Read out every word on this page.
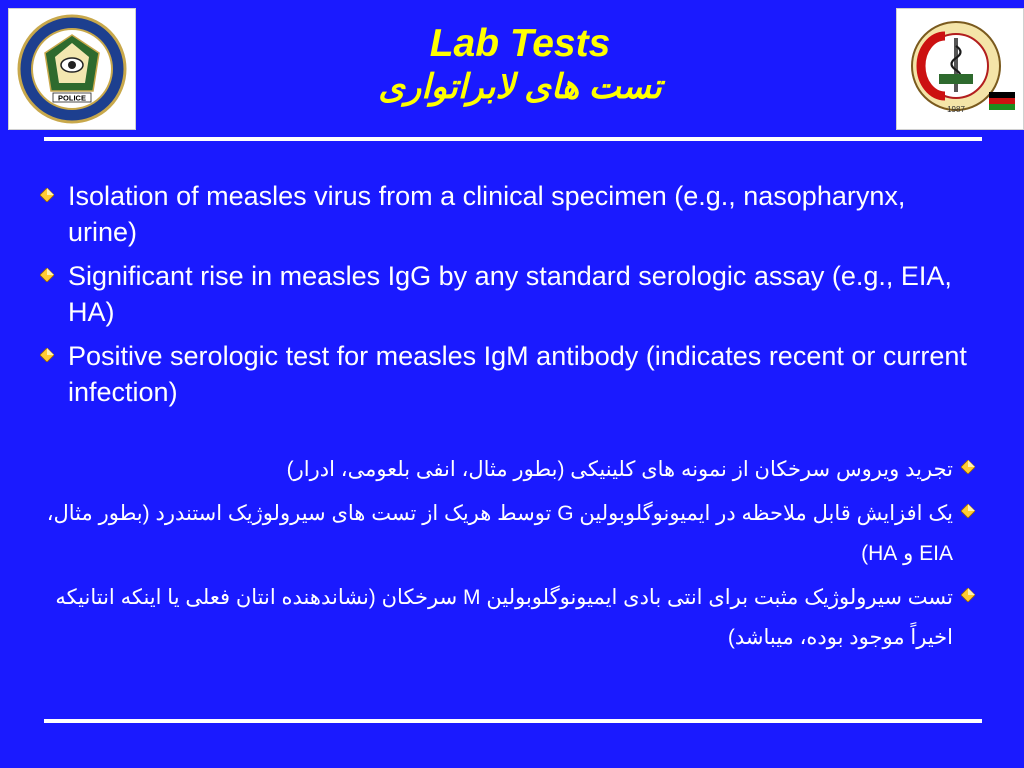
POLICE
1987
Lab Tests
تست های لابراتواری
Isolation of measles virus from a clinical specimen (e.g., nasopharynx, urine)
Significant rise in measles IgG by any standard serologic assay (e.g., EIA, HA)
Positive serologic test for measles IgM antibody (indicates recent or current infection)
تجرید ویروس سرخکان از نمونه های کلینیکی (بطور مثال، انفی بلعومی، ادرار)
یک افزایش قابل ملاحظه در ایمیونوگلوبولین G توسط هریک از تست های سیرولوژیک استندرد (بطور مثال، EIA و HA)
تست سیرولوژیک مثبت برای انتی بادی ایمیونوگلوبولین M سرخکان (نشاندهنده انتان فعلی یا اینکه انتانیکه اخیراً موجود بوده، میباشد)
